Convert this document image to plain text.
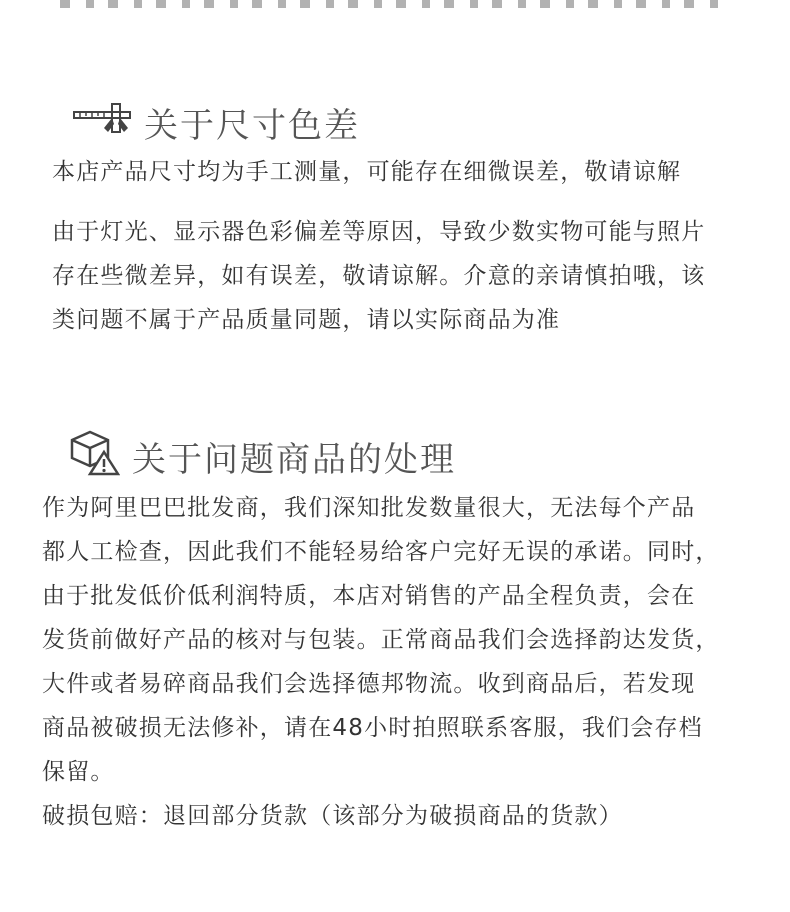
关于尺寸色差
本店产品尺寸均为手工测量，可能存在细微误差，敬请谅解
由于灯光、显示器色彩偏差等原因，导致少数实物可能与照片
存在些微差异，如有误差，敬请谅解。介意的亲请慎拍哦，该
类问题不属于产品质量同题，请以实际商品为准
关于问题商品的处理
作为阿里巴巴批发商，我们深知批发数量很大，无法每个产品
都人工检查，因此我们不能轻易给客户完好无误的承诺。同时，
由于批发低价低利润特质，本店对销售的产品全程负责，会在
发货前做好产品的核对与包装。正常商品我们会选择韵达发货，
大件或者易碎商品我们会选择德邦物流。收到商品后，若发现
商品被破损无法修补，请在48小时拍照联系客服，我们会存档
保留。
破损包赔：退回部分货款（该部分为破损商品的货款）
